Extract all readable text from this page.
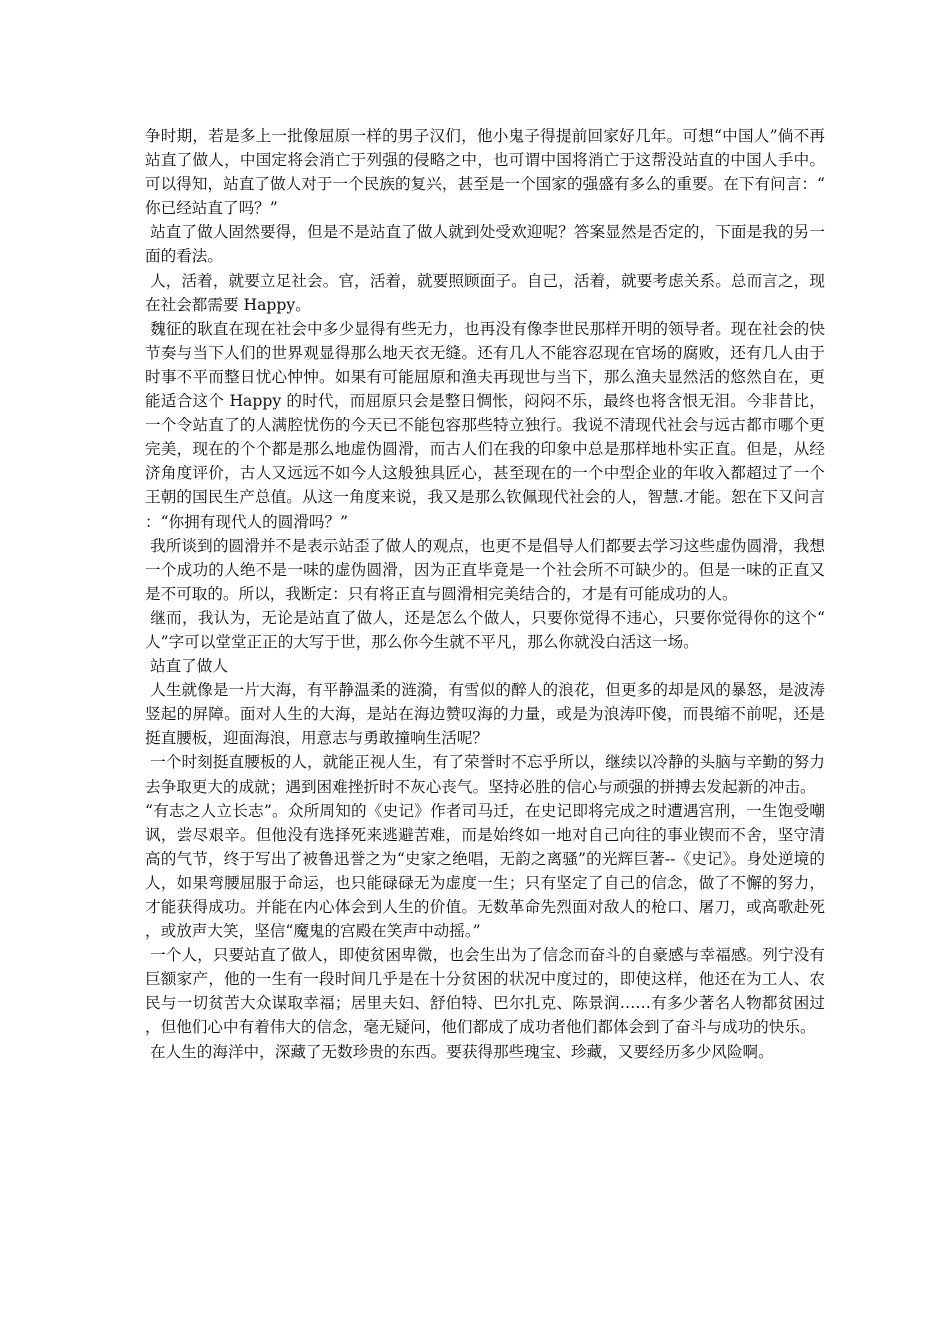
争时期，若是多上一批像屈原一样的男子汉们，他小鬼子得提前回家好几年。可想“中国人”倘不再站直了做人，中国定将会消亡于列强的侵略之中，也可谓中国将消亡于这帮没站直的中国人手中。可以得知，站直了做人对于一个民族的复兴，甚至是一个国家的强盛有多么的重要。在下有问言：“你已经站直了吗？”

站直了做人固然要得，但是不是站直了做人就到处受欢迎呢？答案显然是否定的，下面是我的另一面的看法。

人，活着，就要立足社会。官，活着，就要照顾面子。自己，活着，就要考虑关系。总而言之，现在社会都需要 Happy。

魏征的耿直在现在社会中多少显得有些无力，也再没有像李世民那样开明的领导者。现在社会的快节奏与当下人们的世界观显得那么地天衣无缝。还有几人不能容忍现在官场的腐败，还有几人由于时事不平而整日忧心忡忡。如果有可能屈原和渔夫再现世与当下，那么渔夫显然活的悠然自在，更能适合这个 Happy 的时代，而屈原只会是整日惆怅，闷闷不乐，最终也将含恨无泪。今非昔比，一个令站直了的人满腔忧伤的今天已不能包容那些特立独行。我说不清现代社会与远古都市哪个更完美，现在的个个都是那么地虚伪圆滑，而古人们在我的印象中总是那样地朴实正直。但是，从经济角度评价，古人又远远不如今人这般独具匠心，甚至现在的一个中型企业的年收入都超过了一个王朝的国民生产总值。从这一角度来说，我又是那么钦佩现代社会的人，智慧.才能。恕在下又问言：“你拥有现代人的圆滑吗？”

我所谈到的圆滑并不是表示站歪了做人的观点，也更不是倡导人们都要去学习这些虚伪圆滑，我想一个成功的人绝不是一味的虚伪圆滑，因为正直毕竟是一个社会所不可缺少的。但是一味的正直又是不可取的。所以，我断定：只有将正直与圆滑相完美结合的，才是有可能成功的人。

继而，我认为，无论是站直了做人，还是怎么个做人，只要你觉得不违心，只要你觉得你的这个“人”字可以堂堂正正的大写于世，那么你今生就不平凡，那么你就没白活这一场。

站直了做人

人生就像是一片大海，有平静温柔的涟漪，有雪似的醉人的浪花，但更多的却是风的暴怒，是波涛竖起的屏障。面对人生的大海，是站在海边赞叹海的力量，或是为浪涛吓傻，而畏缩不前呢，还是挺直腰板，迎面海浪，用意志与勇敢撞响生活呢？

一个时刻挺直腰板的人，就能正视人生，有了荣誉时不忘乎所以，继续以冷静的头脑与辛勤的努力去争取更大的成就；遇到困难挫折时不灰心丧气。坚持必胜的信心与顽强的拼搏去发起新的冲击。

“有志之人立长志”。众所周知的《史记》作者司马迁，在史记即将完成之时遭遇宫刑，一生饱受嘲讽，尝尽艰辛。但他没有选择死来逃避苦难，而是始终如一地对自己向往的事业锲而不舍，坚守清高的气节，终于写出了被鲁迅誉之为“史家之绝唱，无韵之离骚”的光辉巨著--《史记》。身处逆境的人，如果弯腰屈服于命运，也只能碌碌无为虚度一生；只有坚定了自己的信念，做了不懈的努力，才能获得成功。并能在内心体会到人生的价值。无数革命先烈面对敌人的枪口、屠刀，或高歌赴死，或放声大笑，坚信“魔鬼的宫殿在笑声中动摇。”

一个人，只要站直了做人，即使贫困卑微，也会生出为了信念而奋斗的自豪感与幸福感。列宁没有巨额家产，他的一生有一段时间几乎是在十分贫困的状况中度过的，即使这样，他还在为工人、农民与一切贫苦大众谋取幸福；居里夫妇、舒伯特、巴尔扎克、陈景润……有多少著名人物都贫困过，但他们心中有着伟大的信念，毫无疑问，他们都成了成功者他们都体会到了奋斗与成功的快乐。

在人生的海洋中，深藏了无数珍贵的东西。要获得那些瑰宝、珍藏，又要经历多少风险啊。
